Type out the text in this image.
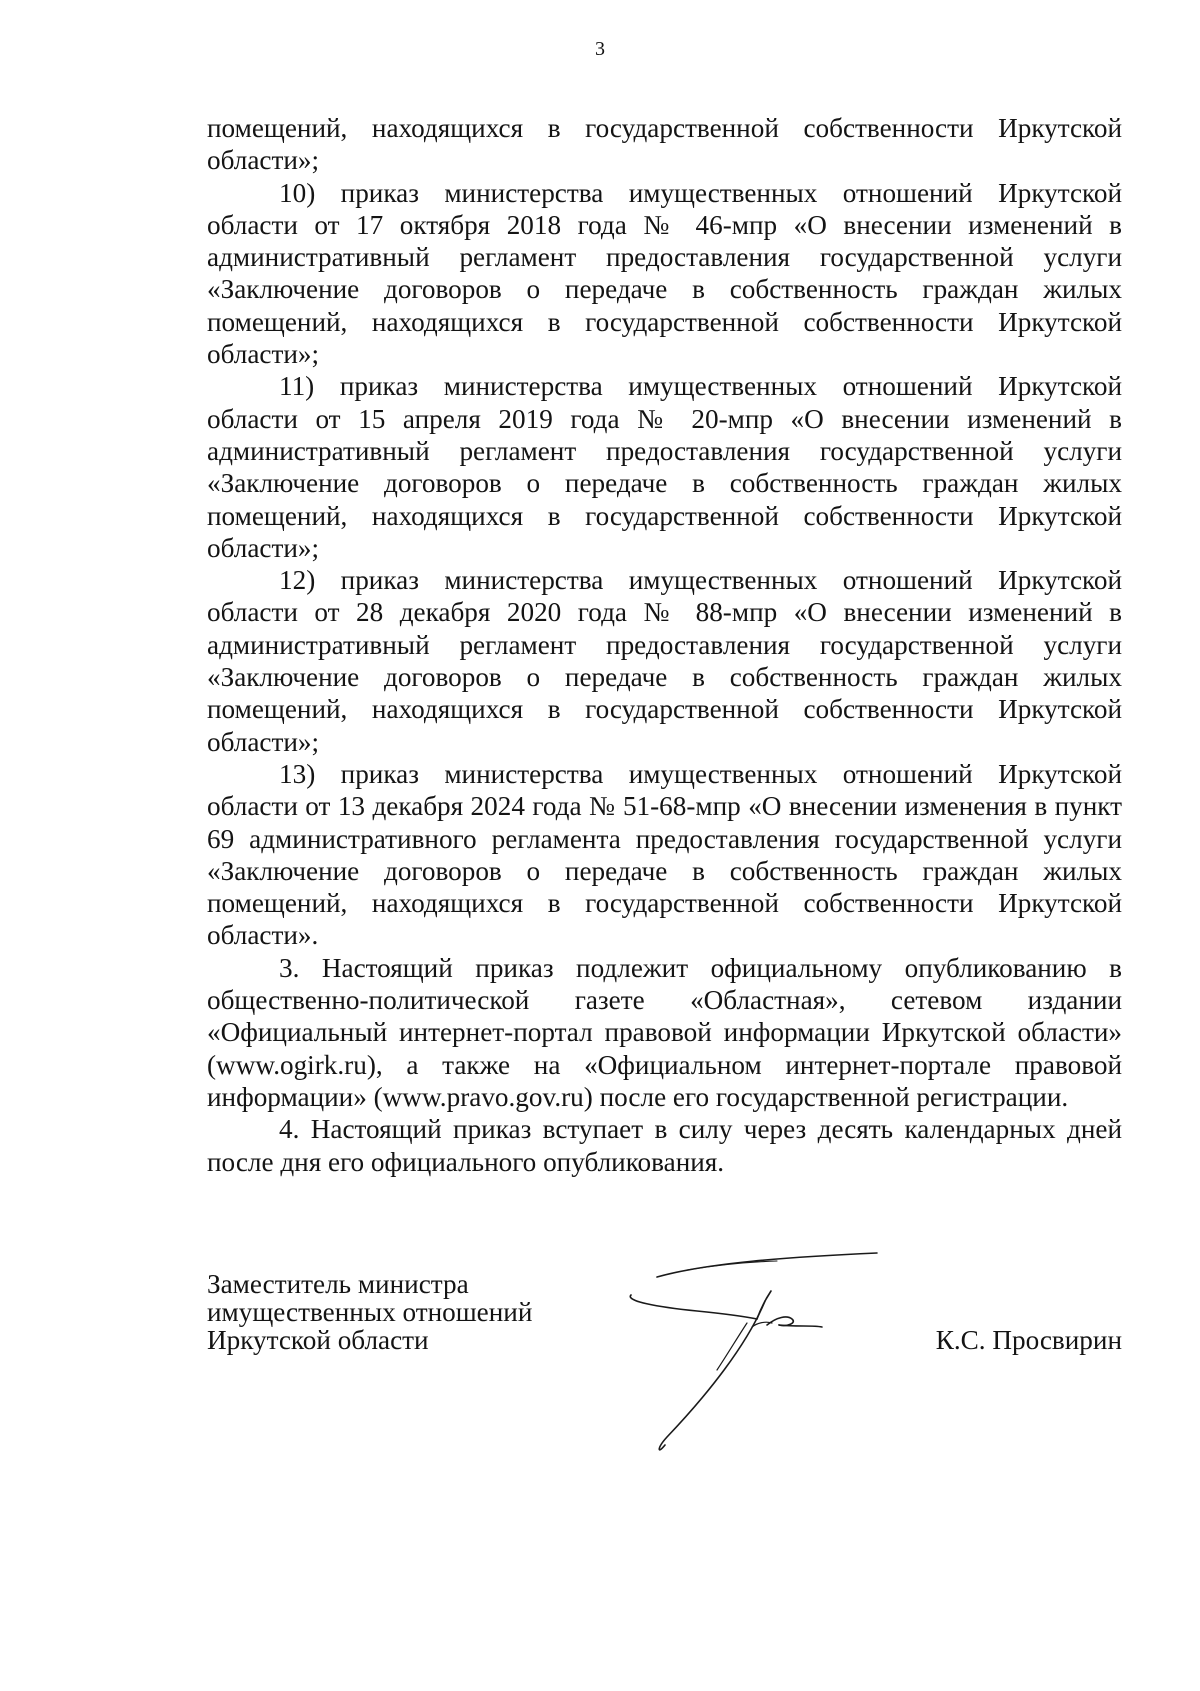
3

помещений, находящихся в государственной собственности Иркутской области»;

10) приказ министерства имущественных отношений Иркутской области от 17 октября 2018 года № 46-мпр «О внесении изменений в административный регламент предоставления государственной услуги «Заключение договоров о передаче в собственность граждан жилых помещений, находящихся в государственной собственности Иркутской области»;

11) приказ министерства имущественных отношений Иркутской области от 15 апреля 2019 года № 20-мпр «О внесении изменений в административный регламент предоставления государственной услуги «Заключение договоров о передаче в собственность граждан жилых помещений, находящихся в государственной собственности Иркутской области»;

12) приказ министерства имущественных отношений Иркутской области от 28 декабря 2020 года № 88-мпр «О внесении изменений в административный регламент предоставления государственной услуги «Заключение договоров о передаче в собственность граждан жилых помещений, находящихся в государственной собственности Иркутской области»;

13) приказ министерства имущественных отношений Иркутской области от 13 декабря 2024 года № 51-68-мпр «О внесении изменения в пункт 69 административного регламента предоставления государственной услуги «Заключение договоров о передаче в собственность граждан жилых помещений, находящихся в государственной собственности Иркутской области».

3. Настоящий приказ подлежит официальному опубликованию в общественно-политической газете «Областная», сетевом издании «Официальный интернет-портал правовой информации Иркутской области» (www.ogirk.ru), а также на «Официальном интернет-портале правовой информации» (www.pravo.gov.ru) после его государственной регистрации.

4. Настоящий приказ вступает в силу через десять календарных дней после дня его официального опубликования.

Заместитель министра
имущественных отношений
Иркутской области	К.С. Просвирин
